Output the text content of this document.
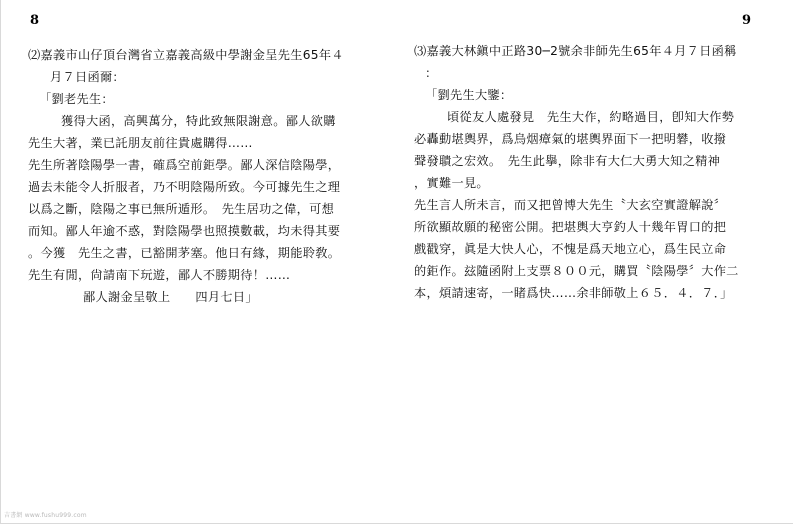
8

⑵嘉義市山仔頂台灣省立嘉義高級中學謝金呈先生65年４

月７日函爾：

「劉老先生：

獲得大函，高興萬分，特此致無限謝意。鄙人欲購

先生大著，業已託朋友前往貴處購得……

先生所著陰陽學一書，確爲空前鉅學。鄙人深信陰陽學，

過去未能令人折服者，乃不明陰陽所致。今可據先生之理

以爲之斷，陰陽之事已無所遁形。　先生居功之偉，可想

而知。鄙人年逾不惑，對陰陽學也照摸數載，均未得其要

。今獲　先生之書，已豁開茅塞。他日有緣，期能聆敎。

先生有閒，尙請南下玩遊，鄙人不勝期待！……

鄙人謝金呈敬上　　四月七日」

9

⑶嘉義大林鎭中正路30─2號余非師先生65年４月７日函稱

：

「劉先生大鑒：

頃從友人處發見　先生大作，約略過目，卽知大作勢

必轟動堪輿界，爲烏烟瘴氣的堪輿界面下一把明礬，收撥

聲發聵之宏效。　先生此擧，除非有大仁大勇大知之精神

，實難一見。

先生言人所未言，而又把曾博大先生〝大玄空實證解說〞

所欲顯故願的秘密公開。把堪輿大亨釣人十幾年胃口的把

戲戳穿，眞是大快人心，不愧是爲天地立心，爲生民立命

的鉅作。玆隨函附上支票８００元，購買〝陰陽學〞大作二

本，煩請速寄，一睹爲快……余非師敬上６５．４．７．」

吉書網 www.fushu999.com
